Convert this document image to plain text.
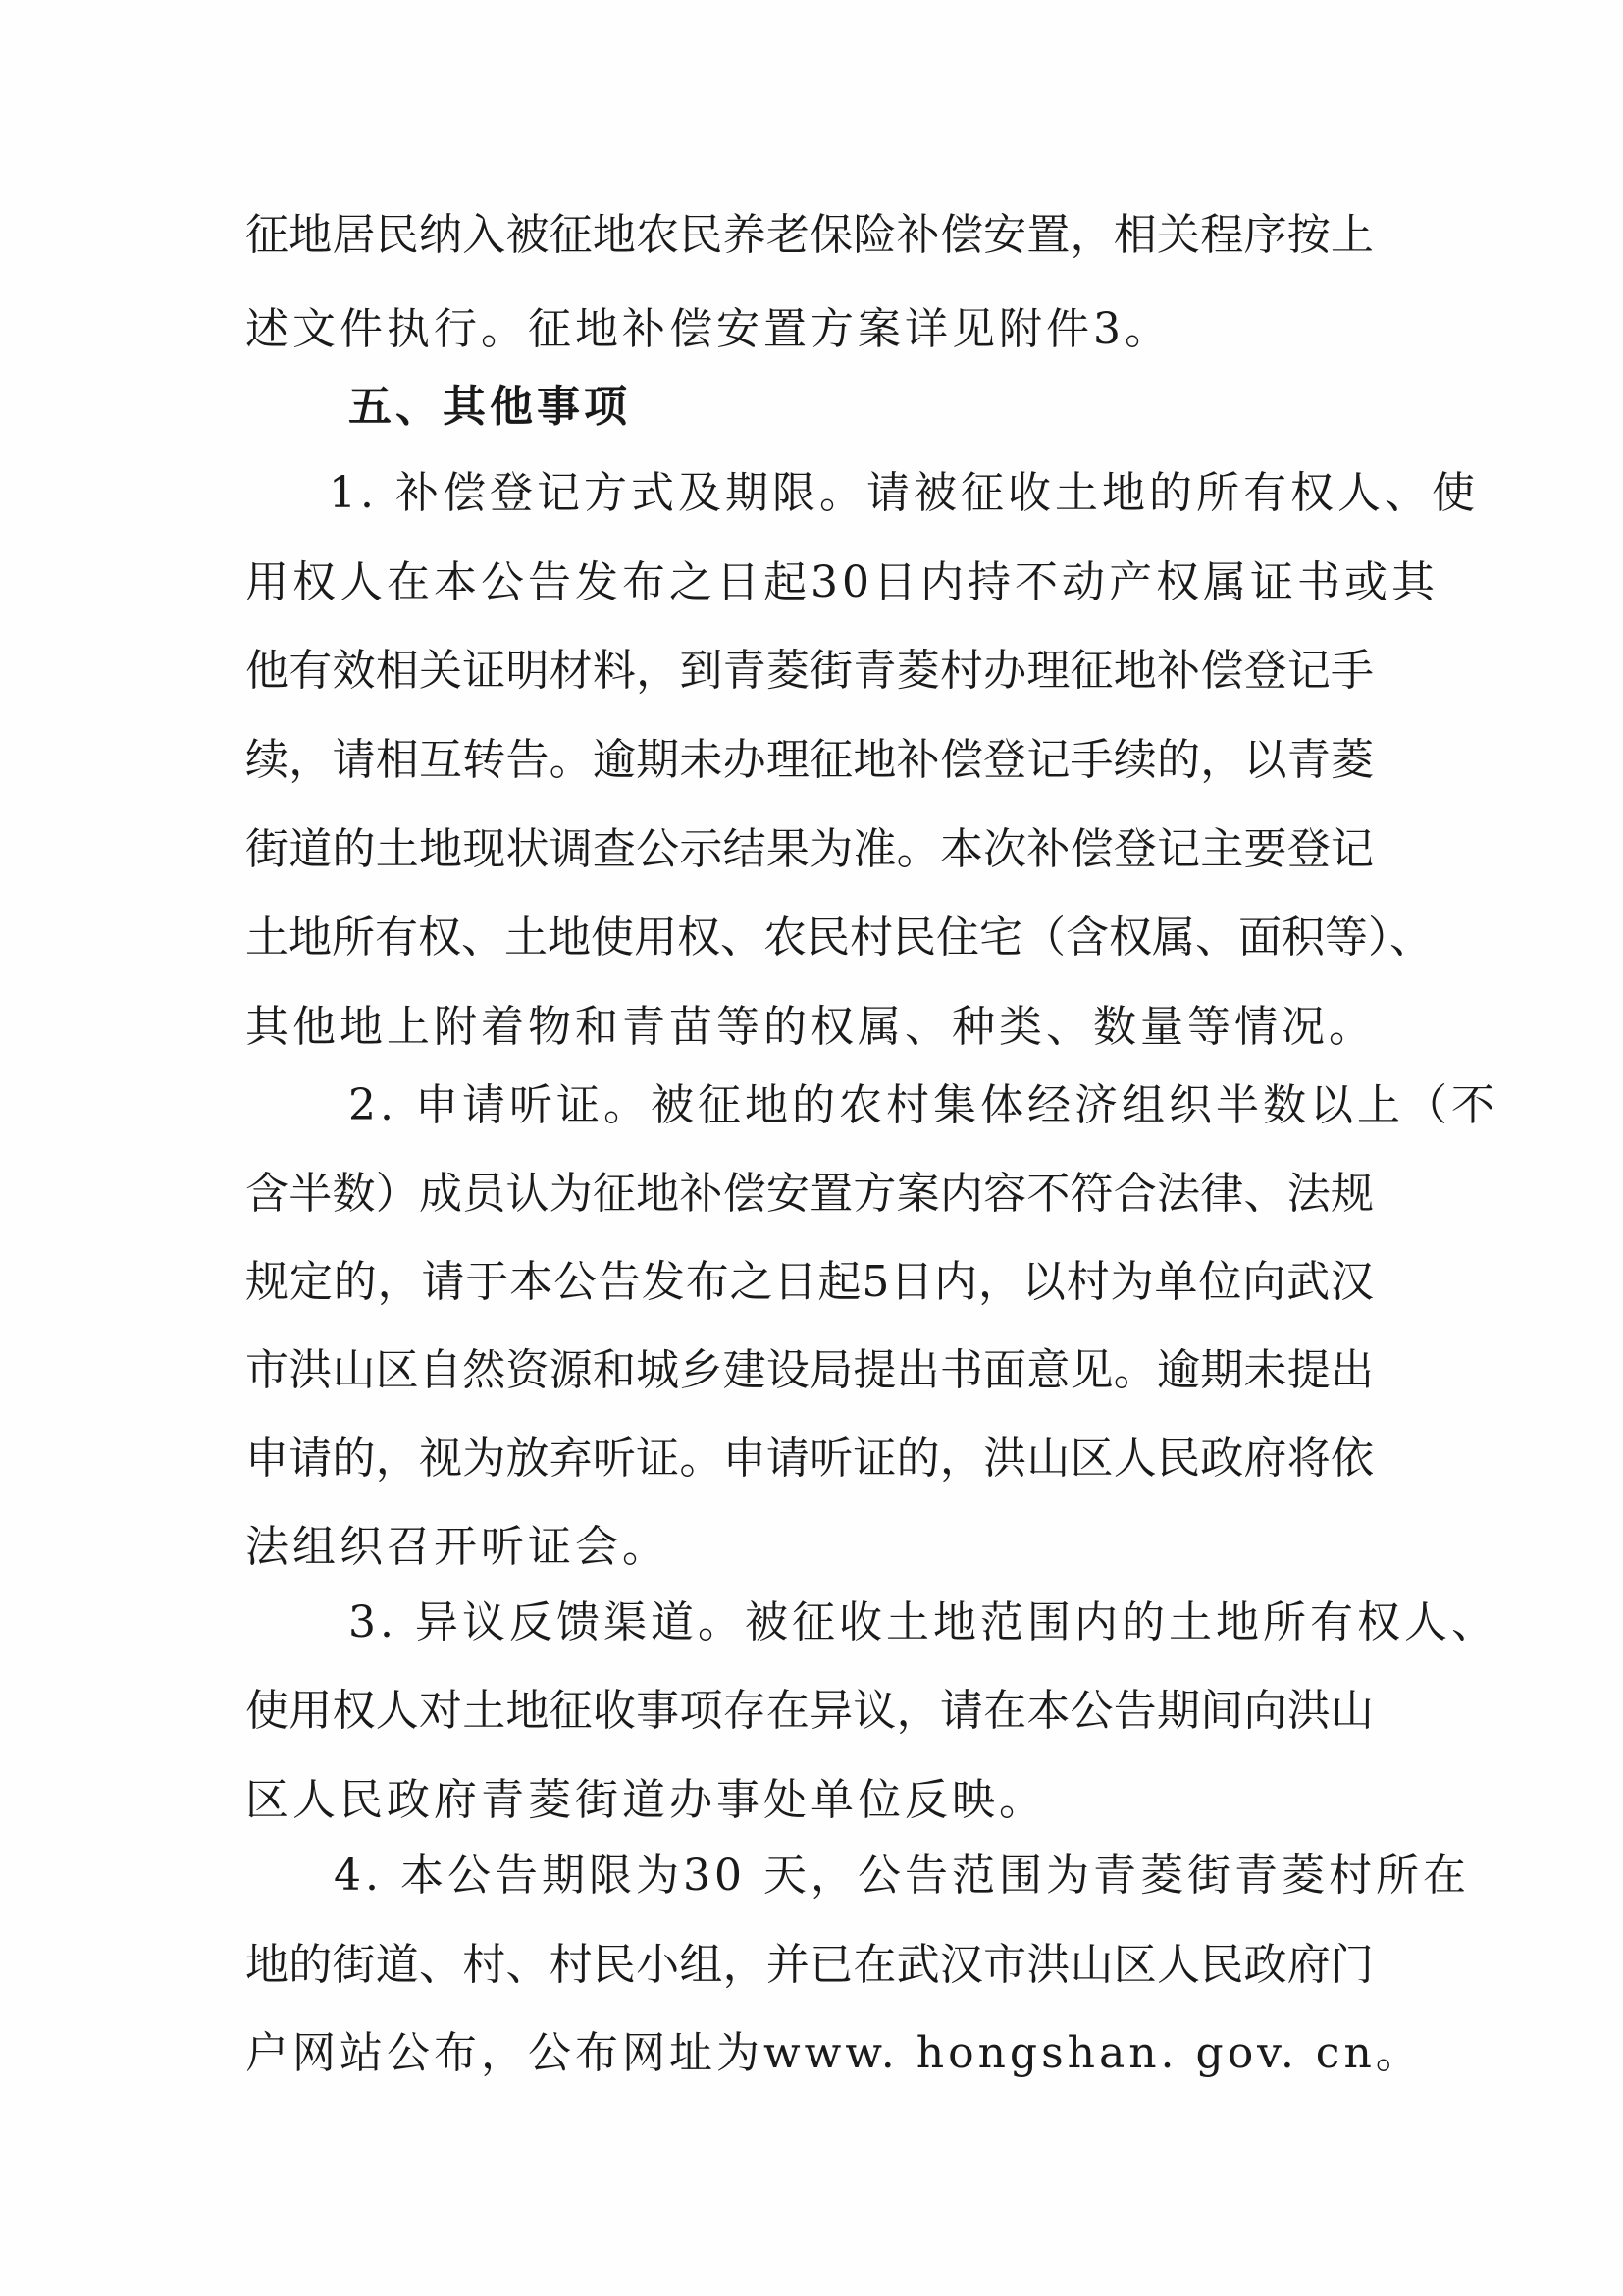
征地居民纳入被征地农民养老保险补偿安置，相关程序按上

述文件执行。征地补偿安置方案详见附件3。

五、其他事项

1. 补偿登记方式及期限。请被征收土地的所有权人、使

用权人在本公告发布之日起30日内持不动产权属证书或其

他有效相关证明材料，到青菱街青菱村办理征地补偿登记手

续，请相互转告。逾期未办理征地补偿登记手续的，以青菱

街道的土地现状调查公示结果为准。本次补偿登记主要登记

土地所有权、土地使用权、农民村民住宅（含权属、面积等）、

其他地上附着物和青苗等的权属、种类、数量等情况。

2. 申请听证。被征地的农村集体经济组织半数以上（不

含半数）成员认为征地补偿安置方案内容不符合法律、法规

规定的，请于本公告发布之日起5日内，以村为单位向武汉

市洪山区自然资源和城乡建设局提出书面意见。逾期未提出

申请的，视为放弃听证。申请听证的，洪山区人民政府将依

法组织召开听证会。

3. 异议反馈渠道。被征收土地范围内的土地所有权人、

使用权人对土地征收事项存在异议，请在本公告期间向洪山

区人民政府青菱街道办事处单位反映。

4. 本公告期限为30 天，公告范围为青菱街青菱村所在

地的街道、村、村民小组，并已在武汉市洪山区人民政府门

户网站公布，公布网址为www. hongshan. gov. cn。
